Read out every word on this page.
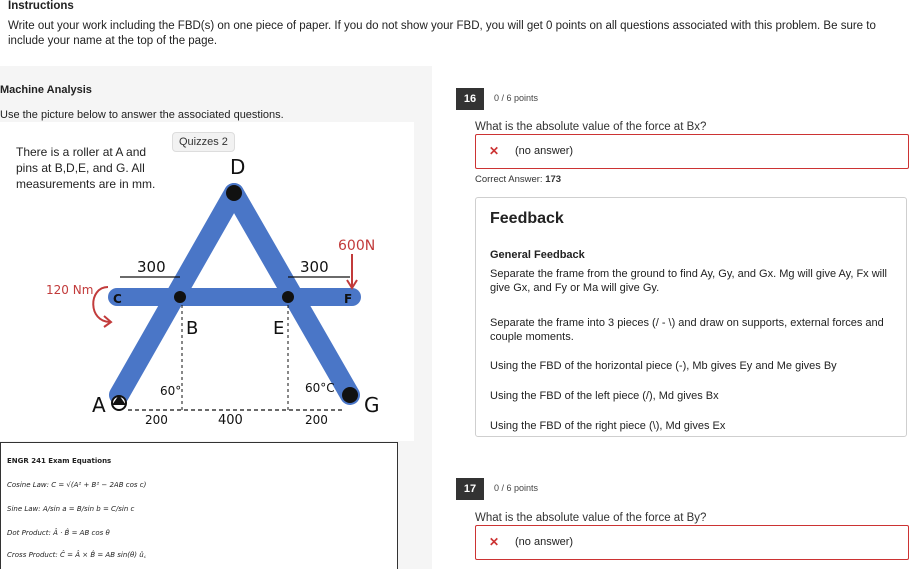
Instructions

Write out your work including the FBD(s) on one piece of paper. If you do not show your FBD, you will get 0 points on all questions associated with this problem. Be sure to include your name at the top of the page.

Machine Analysis
Use the picture below to answer the associated questions.
Quizzes 2
There is a roller at A and pins at B,D,E, and G. All measurements are in mm.
D
B	E
F
C
A	G
600N
120 Nm
300	300
200	400	200
60°	60°C
ENGR 241 Exam Equations
Cosine Law: C = √(A² + B² − 2AB cos c)
Sine Law: A/sin a = B/sin b = C/sin c
Dot Product: Â · B̂ = AB cos θ
Cross Product: Ĉ = Â × B̂ = AB sin(θ) û꜀
16	0 / 6 points
What is the absolute value of the force at Bx?
✕ (no answer)
Correct Answer: 173
Feedback
General Feedback
Separate the frame from the ground to find Ay, Gy, and Gx. Mg will give Ay, Fx will give Gx, and Fy or Ma will give Gy.
Separate the frame into 3 pieces (/ - \) and draw on supports, external forces and couple moments.
Using the FBD of the horizontal piece (-), Mb gives Ey and Me gives By
Using the FBD of the left piece (/), Md gives Bx
Using the FBD of the right piece (\), Md gives Ex
17	0 / 6 points
What is the absolute value of the force at By?
✕ (no answer)
